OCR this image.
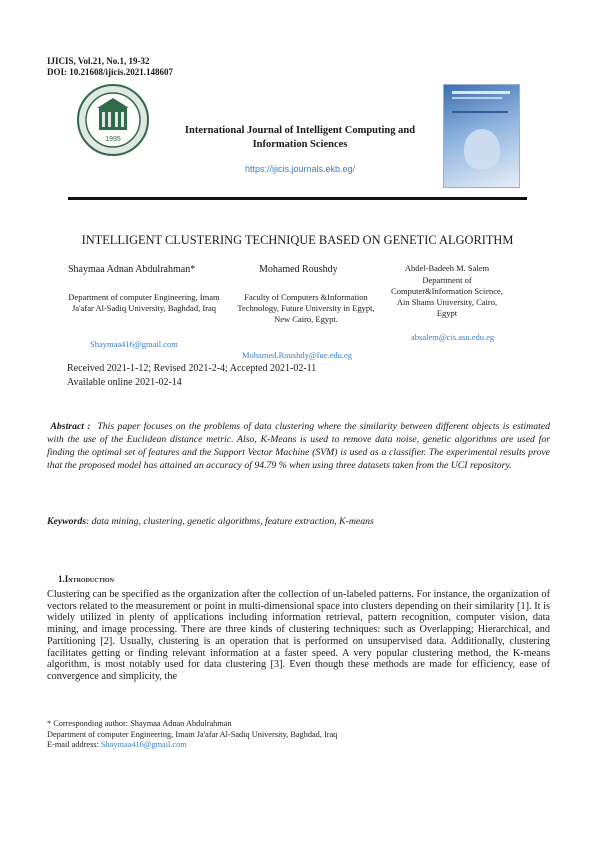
IJICIS, Vol.21, No.1, 19-32
DOI: 10.21608/ijicis.2021.148607
1995
International Journal of Intelligent Computing and Information Sciences
https://ijicis.journals.ekb.eg/
INTELLIGENT CLUSTERING TECHNIQUE BASED ON GENETIC ALGORITHM
Shaymaa Adnan Abdulrahman*
Department of computer Engineering, Imam Ja'afar Al-Sadiq University, Baghdad, Iraq
Shaymaa416@gmail.com
Mohamed Roushdy
Faculty of Computers &Information Technology, Future University in Egypt, New Cairo, Egypt.
Mohamed.Roushdy@fue.edu.eg
Abdel-Badeeh M. Salem
Department of Computer&Information Science, Ain Shams University, Cairo, Egypt
absalem@cis.asu.edu.eg
Received 2021-1-12; Revised 2021-2-4; Accepted 2021-02-11
Available online 2021-02-14
Abstract : This paper focuses on the problems of data clustering where the similarity between different objects is estimated with the use of the Euclidean distance metric. Also, K-Means is used to remove data noise, genetic algorithms are used for finding the optimal set of features and the Support Vector Machine (SVM) is used as a classifier. The experimental results prove that the proposed model has attained an accuracy of 94.79 % when using three datasets taken from the UCI repository.
Keywords: data mining, clustering, genetic algorithms, feature extraction, K-means
1.Introduction
Clustering can be specified as the organization after the collection of un-labeled patterns. For instance, the organization of vectors related to the measurement or point in multi-dimensional space into clusters depending on their similarity [1]. It is widely utilized in plenty of applications including information retrieval, pattern recognition, computer vision, data mining, and image processing. There are three kinds of clustering techniques: such as Overlapping; Hierarchical, and Partitioning [2]. Usually, clustering is an operation that is performed on unsupervised data. Additionally, clustering facilitates getting or finding relevant information at a faster speed. A very popular clustering method, the K-means algorithm, is most notably used for data clustering [3]. Even though these methods are made for efficiency, ease of convergence and simplicity, the
* Corresponding author: Shaymaa Adnan Abdulrahman
Department of computer Engineering, Imam Ja'afar Al-Sadiq University, Baghdad, Iraq
E-mail address: Shaymaa416@gmail.com
